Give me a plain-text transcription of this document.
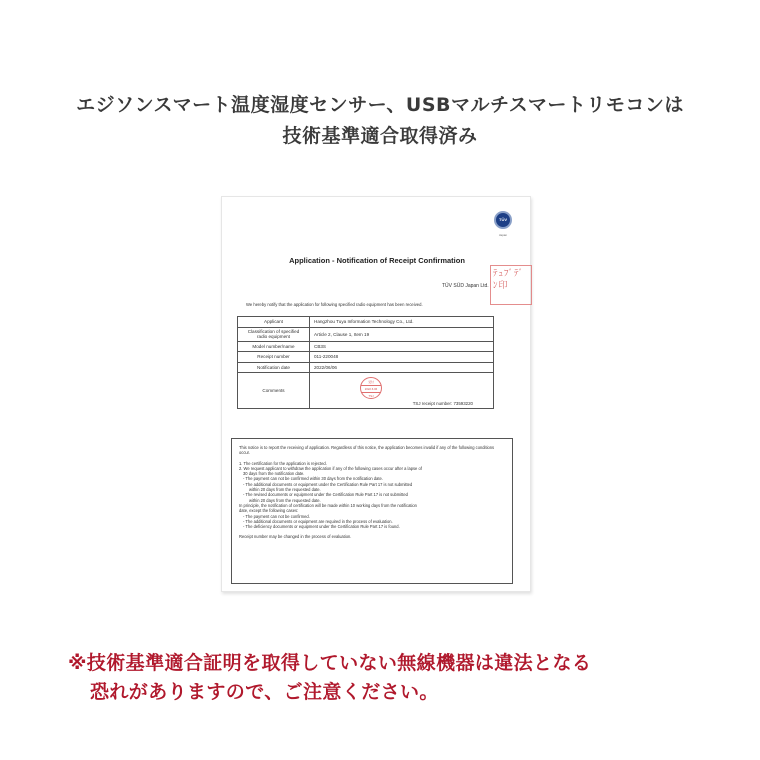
エジソンスマート温度湿度センサー、USBマルチスマートリモコンは
技術基準適合取得済み
TÜV
Japan
Application - Notification of Receipt Confirmation
ﾃｭﾌﾞﾃﾞﾝ印
TÜV SÜD Japan Ltd.
We hereby notify that the application for following specified radio equipment has been received.
Applicant	Hangzhou Tuya Information Technology Co., Ltd.
Classification of specified radio equipment	Article 2, Clause 1, Item 19
Model number/name	CB3S
Receipt number	011-220048
Notification date	2022/06/06
Comments	受付
2022.6.06
TSJ
TSJ receipt number: 73593220

This notice is to report the receiving of application. Regardless of this notice, the application becomes invalid if any of the following conditions occur.

1. The certification for the application is rejected.

2. We request applicant to withdraw the application if any of the following cases occur after a lapse of

30 days from the notification date.

- The payment can not be confirmed within 30 days from the notification date.

- The additional documents or equipment under the Certification Rule Part 17 is not submitted

within 20 days from the requested date.

- The revised documents or equipment under the Certification Rule Part 17 is not submitted

within 20 days from the requested date.

In principle, the notification of certification will be made within 10 working days from the notification

date, except the following cases:

- The payment can not be confirmed.

- The additional documents or equipment are required in the process of evaluation.

- The deficiency documents or equipment under the Certification Rule Part 17 is found.

Receipt number may be changed in the process of evaluation.

※技術基準適合証明を取得していない無線機器は違法となる
恐れがありますので、ご注意ください。
